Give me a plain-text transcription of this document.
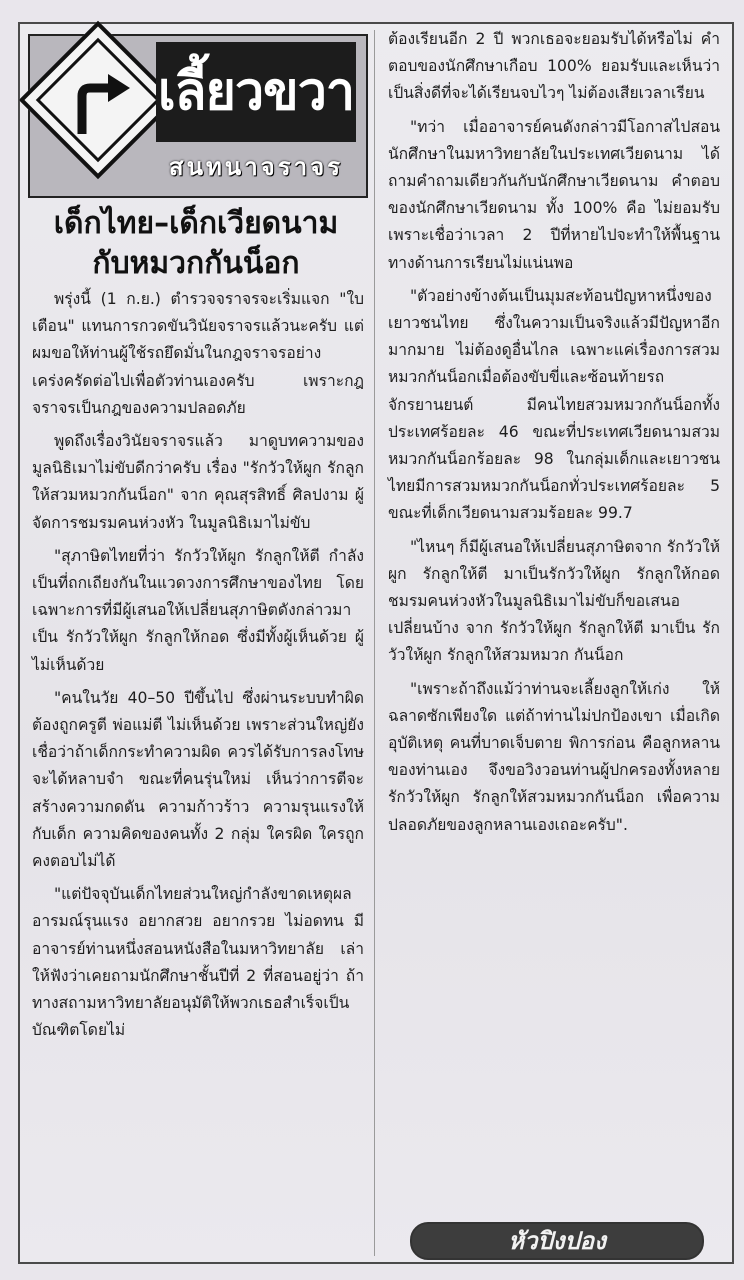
เลี้ยวขวา
สนทนาจราจร
เด็กไทย–เด็กเวียดนาม
กับหมวกกันน็อก

พรุ่งนี้ (1 ก.ย.) ตำรวจจราจรจะเริ่มแจก "ใบเตือน" แทนการกวดขันวินัยจราจรแล้วนะครับ แต่ผมขอให้ท่านผู้ใช้รถยึดมั่นในกฎจราจรอย่างเคร่งครัดต่อไปเพื่อตัวท่านเองครับ เพราะกฎจราจรเป็นกฎของความปลอดภัย

พูดถึงเรื่องวินัยจราจรแล้ว มาดูบทความของมูลนิธิเมาไม่ขับดีกว่าครับ เรื่อง "รักวัวให้ผูก รักลูกให้สวมหมวกกันน็อก" จาก คุณสุรสิทธิ์ ศิลปงาม ผู้จัดการชมรมคนห่วงหัว ในมูลนิธิเมาไม่ขับ

"สุภาษิตไทยที่ว่า รักวัวให้ผูก รักลูกให้ตี กำลังเป็นที่ถกเถียงกันในแวดวงการศึกษาของไทย โดยเฉพาะการที่มีผู้เสนอให้เปลี่ยนสุภาษิตดังกล่าวมาเป็น รักวัวให้ผูก รักลูกให้กอด ซึ่งมีทั้งผู้เห็นด้วย ผู้ไม่เห็นด้วย

"คนในวัย 40–50 ปีขึ้นไป ซึ่งผ่านระบบทำผิด ต้องถูกครูตี พ่อแม่ตี ไม่เห็นด้วย เพราะส่วนใหญ่ยังเชื่อว่าถ้าเด็กกระทำความผิด ควรได้รับการลงโทษจะได้หลาบจำ ขณะที่คนรุ่นใหม่ เห็นว่าการตีจะสร้างความกดดัน ความก้าวร้าว ความรุนแรงให้กับเด็ก ความคิดของคนทั้ง 2 กลุ่ม ใครผิด ใครถูก คงตอบไม่ได้

"แต่ปัจจุบันเด็กไทยส่วนใหญ่กำลังขาดเหตุผล อารมณ์รุนแรง อยากสวย อยากรวย ไม่อดทน มีอาจารย์ท่านหนึ่งสอนหนังสือในมหาวิทยาลัย เล่าให้ฟังว่าเคยถามนักศึกษาชั้นปีที่ 2 ที่สอนอยู่ว่า ถ้าทางสถามหาวิทยาลัยอนุมัติให้พวกเธอสำเร็จเป็นบัณฑิตโดยไม่

ต้องเรียนอีก 2 ปี พวกเธอจะยอมรับได้หรือไม่ คำตอบของนักศึกษาเกือบ 100% ยอมรับและเห็นว่าเป็นสิ่งดีที่จะได้เรียนจบไวๆ ไม่ต้องเสียเวลาเรียน

"ทว่า เมื่ออาจารย์คนดังกล่าวมีโอกาสไปสอนนักศึกษาในมหาวิทยาลัยในประเทศเวียดนาม ได้ถามคำถามเดียวกันกับนักศึกษาเวียดนาม คำตอบของนักศึกษาเวียดนาม ทั้ง 100% คือ ไม่ยอมรับ เพราะเชื่อว่าเวลา 2 ปีที่หายไปจะทำให้พื้นฐานทางด้านการเรียนไม่แน่นพอ

"ตัวอย่างข้างต้นเป็นมุมสะท้อนปัญหาหนึ่งของเยาวชนไทย ซึ่งในความเป็นจริงแล้วมีปัญหาอีกมากมาย ไม่ต้องดูอื่นไกล เฉพาะแค่เรื่องการสวมหมวกกันน็อกเมื่อต้องขับขี่และซ้อนท้ายรถจักรยานยนต์ มีคนไทยสวมหมวกกันน็อกทั้งประเทศร้อยละ 46 ขณะที่ประเทศเวียดนามสวมหมวกกันน็อกร้อยละ 98 ในกลุ่มเด็กและเยาวชนไทยมีการสวมหมวกกันน็อกทั่วประเทศร้อยละ 5 ขณะที่เด็กเวียดนามสวมร้อยละ 99.7

"ไหนๆ ก็มีผู้เสนอให้เปลี่ยนสุภาษิตจาก รักวัวให้ผูก รักลูกให้ตี มาเป็นรักวัวให้ผูก รักลูกให้กอด ชมรมคนห่วงหัวในมูลนิธิเมาไม่ขับก็ขอเสนอเปลี่ยนบ้าง จาก รักวัวให้ผูก รักลูกให้ตี มาเป็น รักวัวให้ผูก รักลูกให้สวมหมวก กันน็อก

"เพราะถ้าถึงแม้ว่าท่านจะเลี้ยงลูกให้เก่ง ให้ฉลาดซักเพียงใด แต่ถ้าท่านไม่ปกป้องเขา เมื่อเกิดอุบัติเหตุ คนที่บาดเจ็บตาย พิการก่อน คือลูกหลานของท่านเอง จึงขอวิงวอนท่านผู้ปกครองทั้งหลาย รักวัวให้ผูก รักลูกให้สวมหมวกกันน็อก เพื่อความปลอดภัยของลูกหลานเองเถอะครับ".

หัวปิงปอง
